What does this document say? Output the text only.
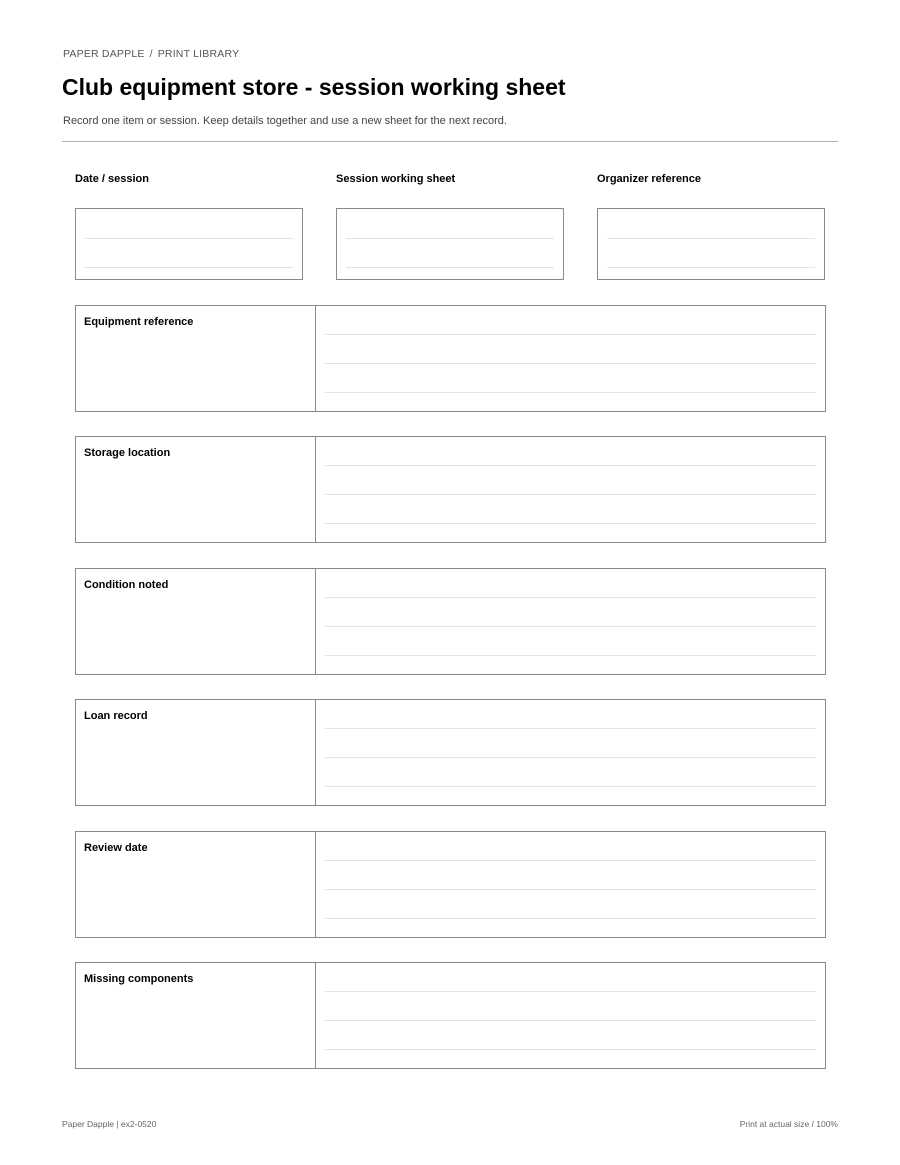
PAPER DAPPLE / PRINT LIBRARY
Club equipment store - session working sheet

Record one item or session. Keep details together and use a new sheet for the next record.

Date / session	Session working sheet	Organizer reference
Equipment reference
Storage location
Condition noted
Loan record
Review date
Missing components
Paper Dapple | ex2-0520	Print at actual size / 100%
